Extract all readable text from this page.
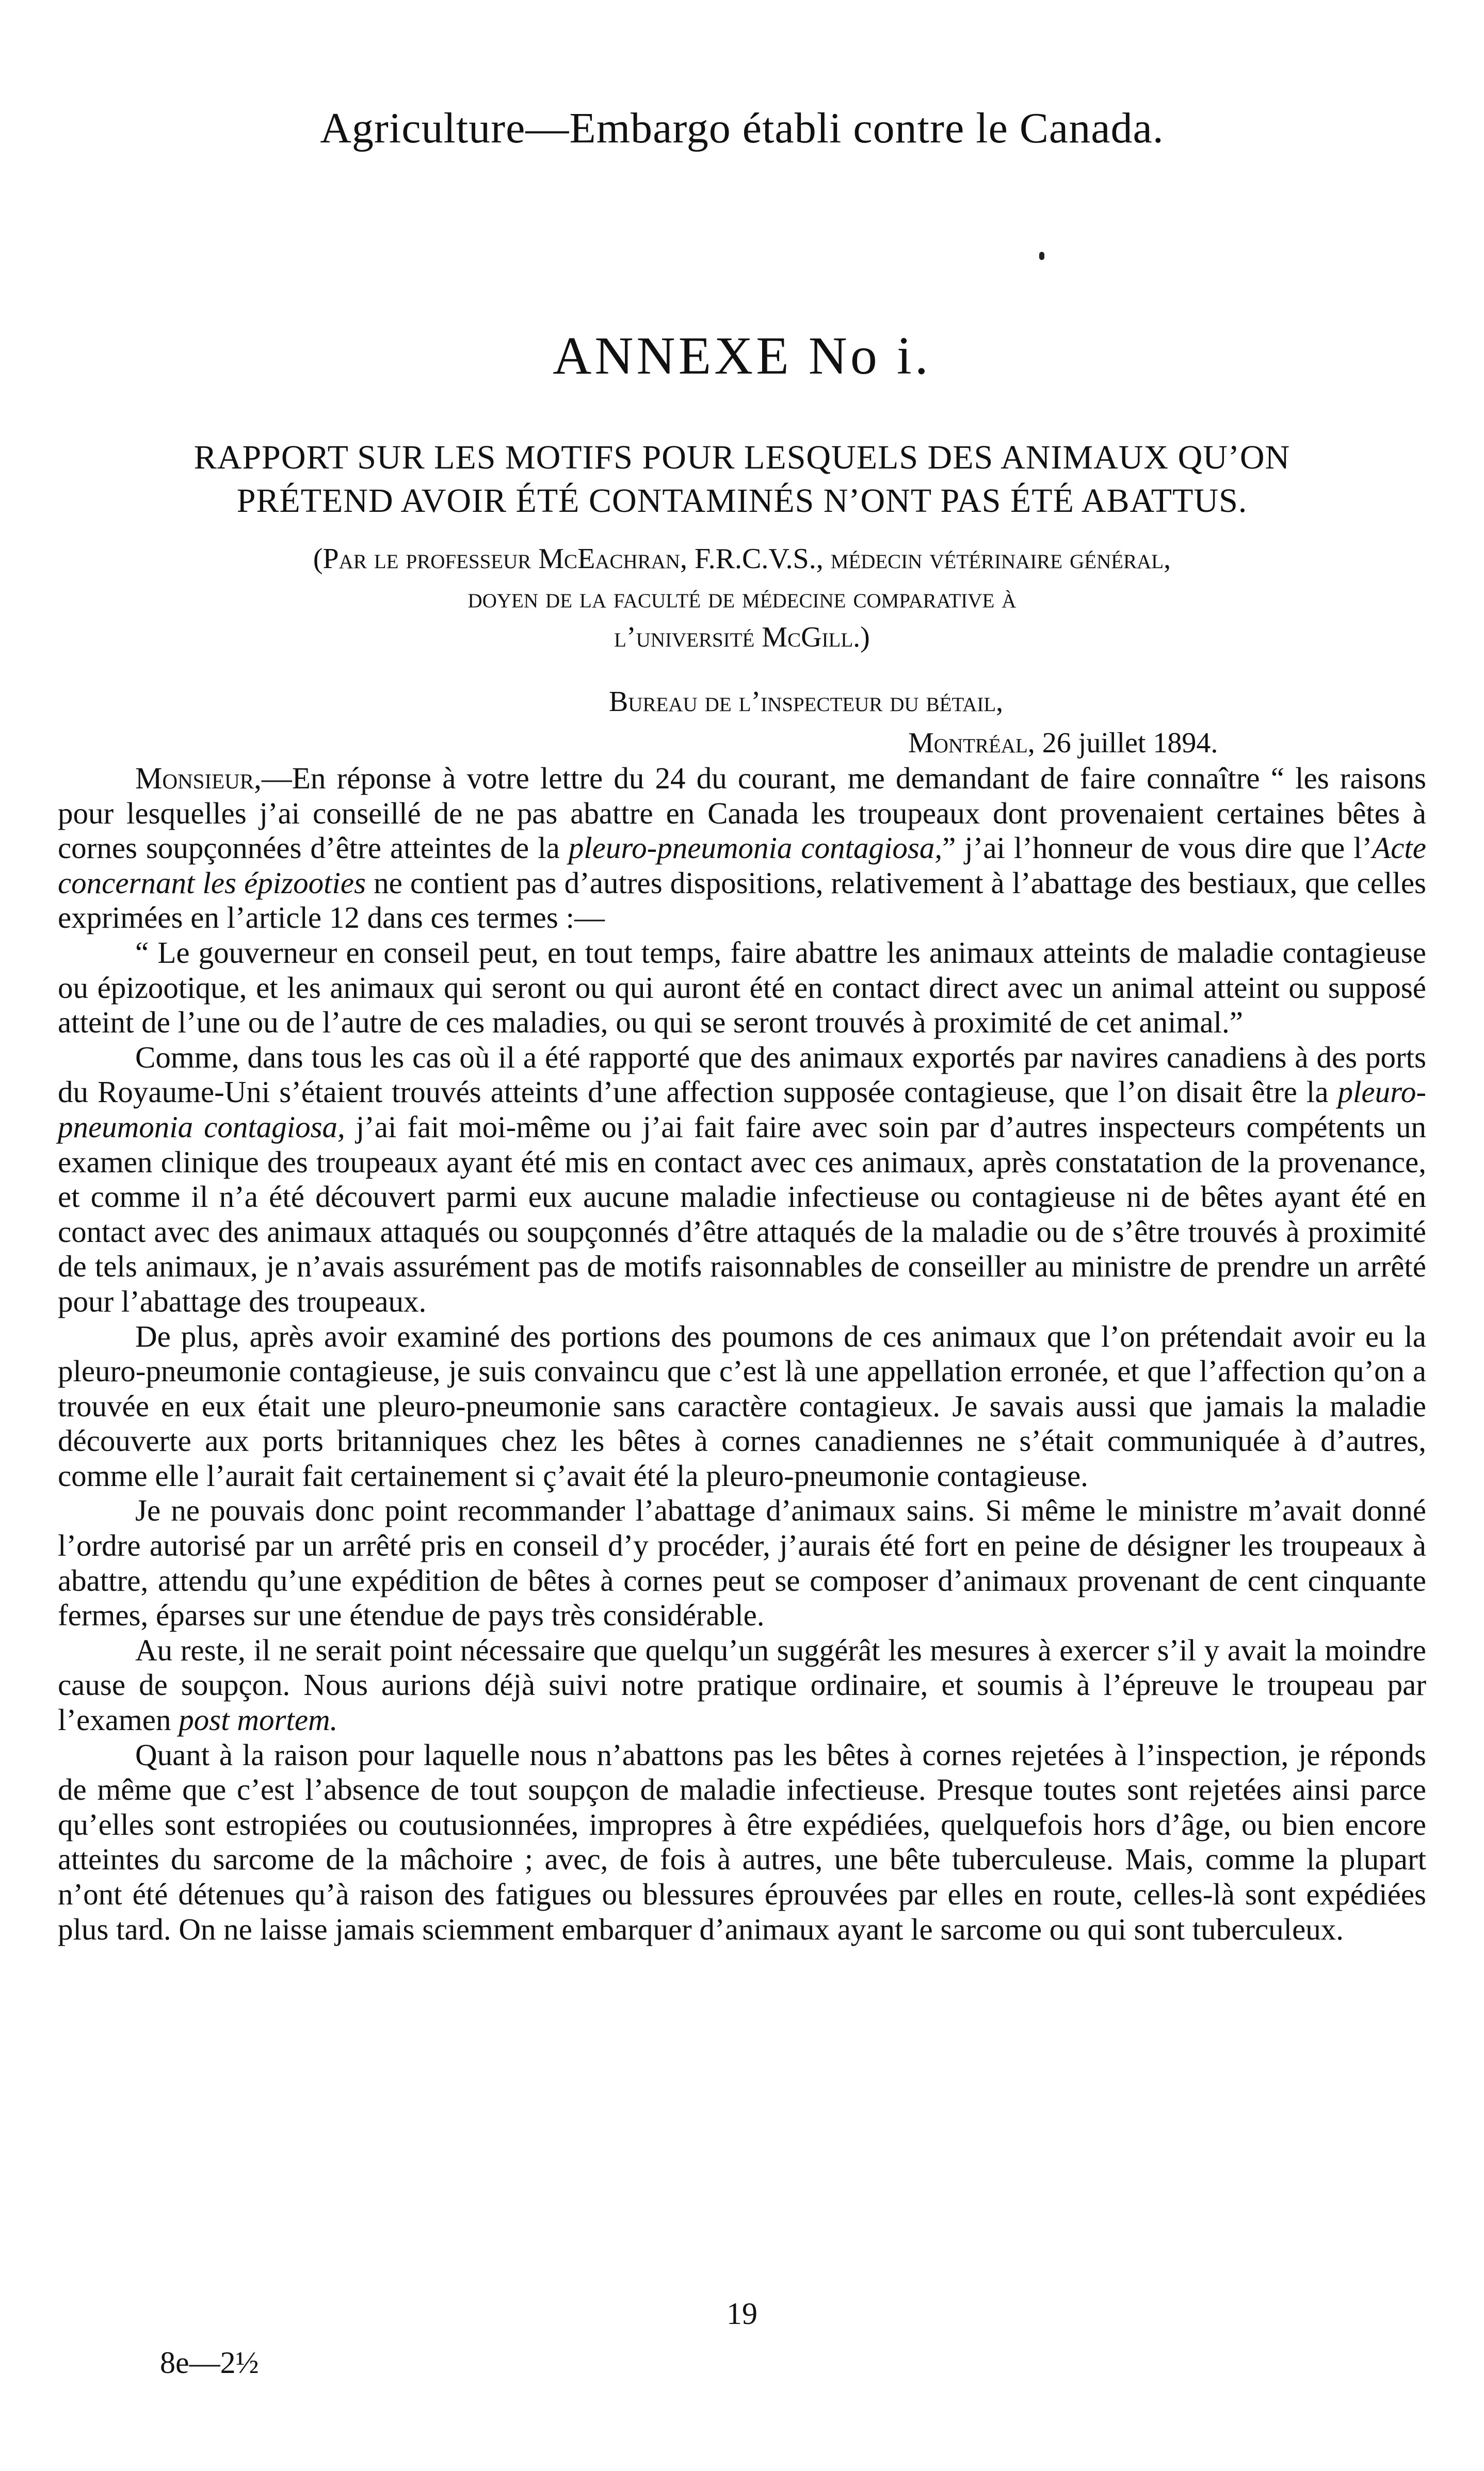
Agriculture—Embargo établi contre le Canada.
ANNEXE No i.
RAPPORT SUR LES MOTIFS POUR LESQUELS DES ANIMAUX QU’ON
PRÉTEND AVOIR ÉTÉ CONTAMINÉS N’ONT PAS ÉTÉ ABATTUS.
(Par le professeur McEachran, F.R.C.V.S., médecin vétérinaire général,
doyen de la faculté de médecine comparative à
l’université McGill.)
Bureau de l’inspecteur du bétail,
Montréal, 26 juillet 1894.

Monsieur,—En réponse à votre lettre du 24 du courant, me demandant de faire connaître “ les raisons pour lesquelles j’ai conseillé de ne pas abattre en Canada les troupeaux dont provenaient certaines bêtes à cornes soupçonnées d’être atteintes de la pleuro-pneumonia contagiosa,” j’ai l’honneur de vous dire que l’Acte concernant les épizooties ne contient pas d’autres dispositions, relativement à l’abattage des bestiaux, que celles exprimées en l’article 12 dans ces termes :—

“ Le gouverneur en conseil peut, en tout temps, faire abattre les animaux atteints de maladie contagieuse ou épizootique, et les animaux qui seront ou qui auront été en contact direct avec un animal atteint ou supposé atteint de l’une ou de l’autre de ces maladies, ou qui se seront trouvés à proximité de cet animal.”

Comme, dans tous les cas où il a été rapporté que des animaux exportés par navires canadiens à des ports du Royaume-Uni s’étaient trouvés atteints d’une affection supposée contagieuse, que l’on disait être la pleuro-pneumonia contagiosa, j’ai fait moi-même ou j’ai fait faire avec soin par d’autres inspecteurs compétents un examen clinique des troupeaux ayant été mis en contact avec ces animaux, après constatation de la provenance, et comme il n’a été découvert parmi eux aucune maladie infectieuse ou contagieuse ni de bêtes ayant été en contact avec des animaux attaqués ou soupçonnés d’être attaqués de la maladie ou de s’être trouvés à proximité de tels animaux, je n’avais assurément pas de motifs raisonnables de conseiller au ministre de prendre un arrêté pour l’abattage des troupeaux.

De plus, après avoir examiné des portions des poumons de ces animaux que l’on prétendait avoir eu la pleuro-pneumonie contagieuse, je suis convaincu que c’est là une appellation erronée, et que l’affection qu’on a trouvée en eux était une pleuro-pneumonie sans caractère contagieux. Je savais aussi que jamais la maladie découverte aux ports britanniques chez les bêtes à cornes canadiennes ne s’était communiquée à d’autres, comme elle l’aurait fait certainement si ç’avait été la pleuro-pneumonie contagieuse.

Je ne pouvais donc point recommander l’abattage d’animaux sains. Si même le ministre m’avait donné l’ordre autorisé par un arrêté pris en conseil d’y procéder, j’aurais été fort en peine de désigner les troupeaux à abattre, attendu qu’une expédition de bêtes à cornes peut se composer d’animaux provenant de cent cinquante fermes, éparses sur une étendue de pays très considérable.

Au reste, il ne serait point nécessaire que quelqu’un suggérât les mesures à exercer s’il y avait la moindre cause de soupçon. Nous aurions déjà suivi notre pratique ordinaire, et soumis à l’épreuve le troupeau par l’examen post mortem.

Quant à la raison pour laquelle nous n’abattons pas les bêtes à cornes rejetées à l’inspection, je réponds de même que c’est l’absence de tout soupçon de maladie infectieuse. Presque toutes sont rejetées ainsi parce qu’elles sont estropiées ou coutusionnées, impropres à être expédiées, quelquefois hors d’âge, ou bien encore atteintes du sarcome de la mâchoire ; avec, de fois à autres, une bête tuberculeuse. Mais, comme la plupart n’ont été détenues qu’à raison des fatigues ou blessures éprouvées par elles en route, celles-là sont expédiées plus tard. On ne laisse jamais sciemment embarquer d’animaux ayant le sarcome ou qui sont tuberculeux.

19
8e—2½
